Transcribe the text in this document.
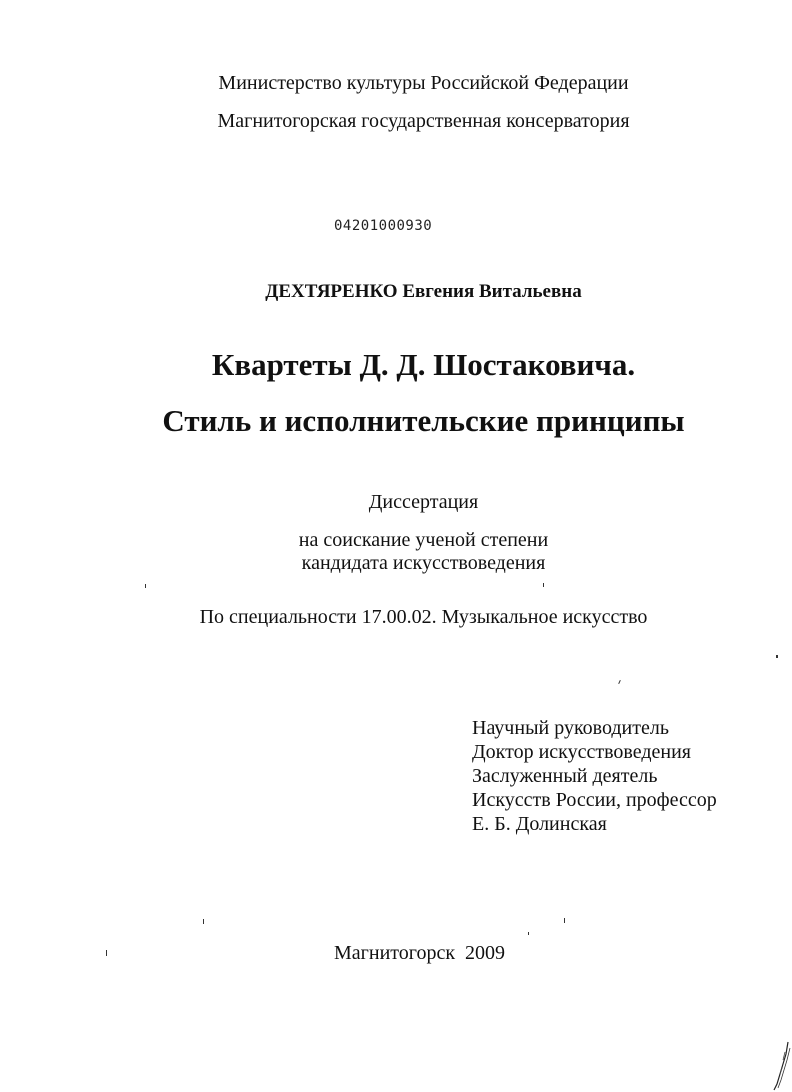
Министерство культуры Российской Федерации
Магнитогорская государственная консерватория
04201000930
ДЕХТЯРЕНКО Евгения Витальевна
Квартеты Д. Д. Шостаковича.
Стиль и исполнительские принципы
Диссертация
на соискание ученой степени
кандидата искусствоведения
По специальности 17.00.02. Музыкальное искусство
Научный руководитель
Доктор искусствоведения
Заслуженный деятель
Искусств России, профессор
Е. Б. Долинская
Магнитогорск 2009
